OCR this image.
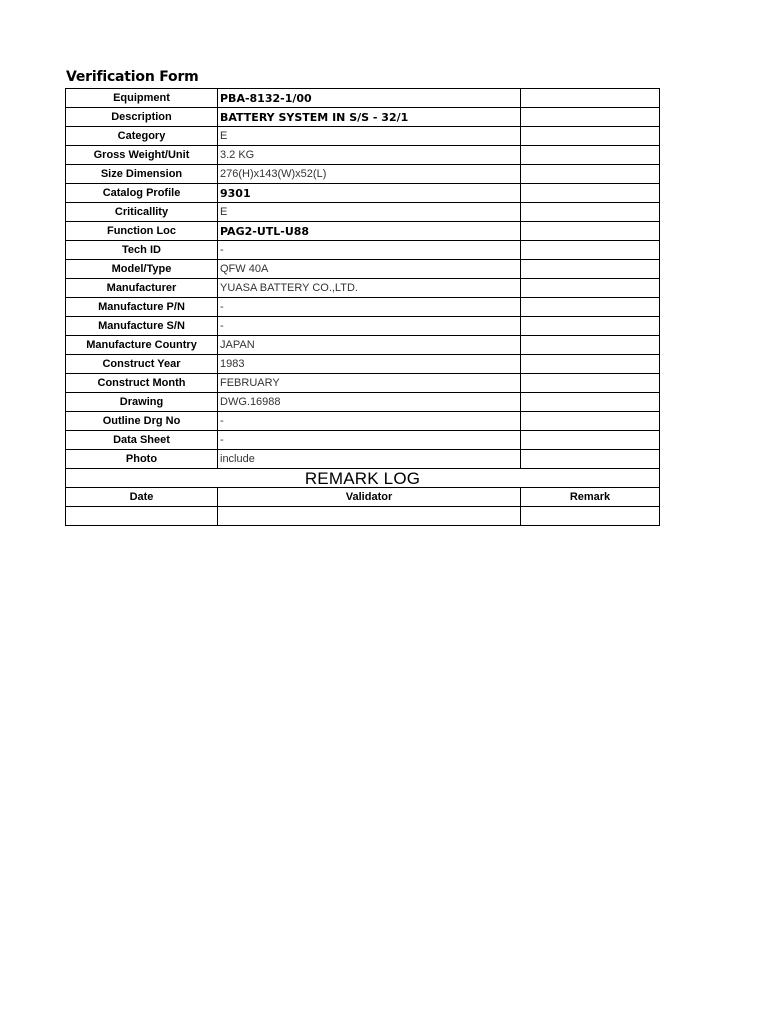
Verification Form
Equipment	PBA-8132-1/00	
Description	BATTERY SYSTEM IN S/S - 32/1	
Category	E	
Gross Weight/Unit	3.2 KG	
Size Dimension	276(H)x143(W)x52(L)	
Catalog Profile	9301	
Criticallity	E	
Function Loc	PAG2-UTL-U88	
Tech ID	-	
Model/Type	QFW 40A	
Manufacturer	YUASA BATTERY CO.,LTD.	
Manufacture P/N	-	
Manufacture S/N	-	
Manufacture Country	JAPAN	
Construct Year	1983	
Construct Month	FEBRUARY	
Drawing	DWG.16988	
Outline Drg No	-	
Data Sheet	-	
Photo	include	
REMARK LOG		
Date	Validator	Remark
